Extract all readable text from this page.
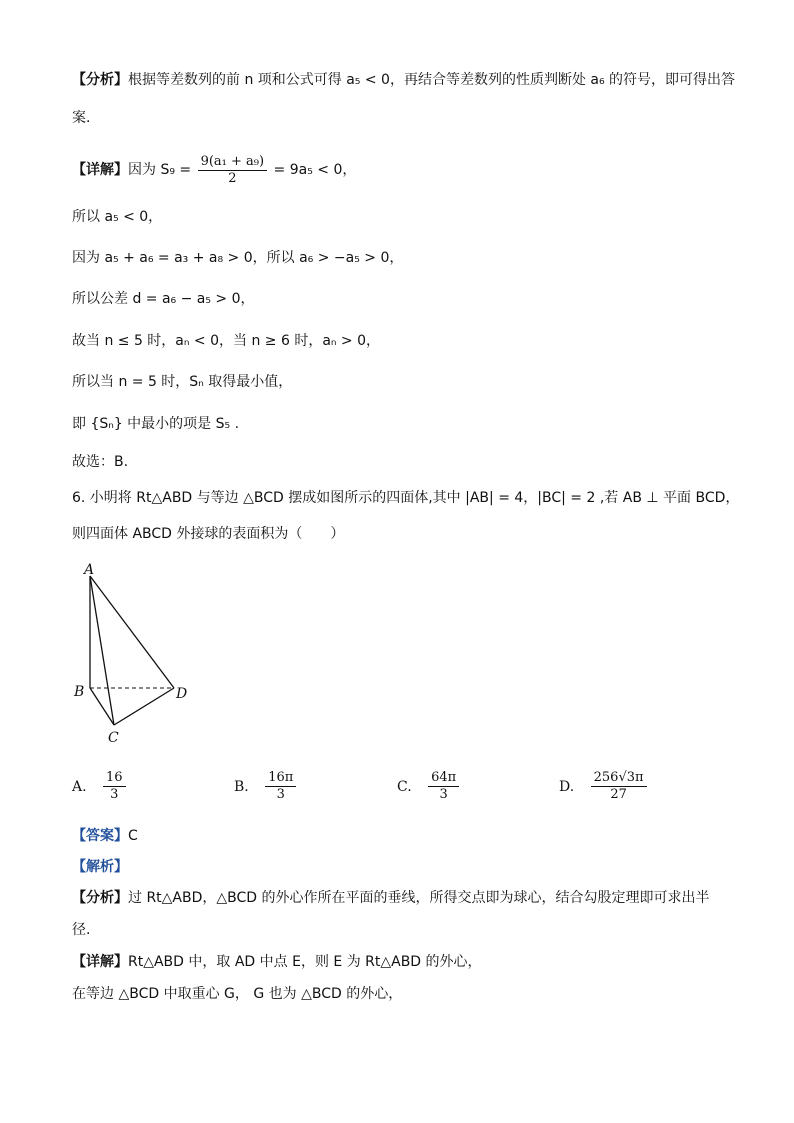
【分析】根据等差数列的前 n 项和公式可得 a₅ < 0，再结合等差数列的性质判断处 a₆ 的符号，即可得出答
案.
【详解】因为 $S_9 = \frac{\text{9(a₁ + a₉)}}{2} = 9a_5 < 0$，
所以 a₅ < 0，
因为 a₅ + a₆ = a₃ + a₈ > 0，所以 a₆ > −a₅ > 0，
所以公差 d = a₆ − a₅ > 0，
故当 n ≤ 5 时，aₙ < 0，当 n ≥ 6 时，aₙ > 0，
所以当 n = 5 时，Sₙ 取得最小值，
即 {Sₙ} 中最小的项是 S₅ .
故选：B.
6. 小明将 Rt△ABD 与等边 △BCD 摆成如图所示的四面体,其中 |AB| = 4，|BC| = 2 ,若 AB ⊥ 平面 BCD，
则四面体 ABCD 外接球的表面积为（　　）
A
B
C
D
A. $\frac{16}{3}$	B. $\frac{16\pi}{3}$	C. $\frac{64\pi}{3}$	D. $\frac{256√3\pi}{27}$
【答案】C
【解析】
【分析】过 Rt△ABD，△BCD 的外心作所在平面的垂线，所得交点即为球心，结合勾股定理即可求出半
径.
【详解】Rt△ABD 中，取 AD 中点 E，则 E 为 Rt△ABD 的外心，
在等边 △BCD 中取重心 G， G 也为 △BCD 的外心，
